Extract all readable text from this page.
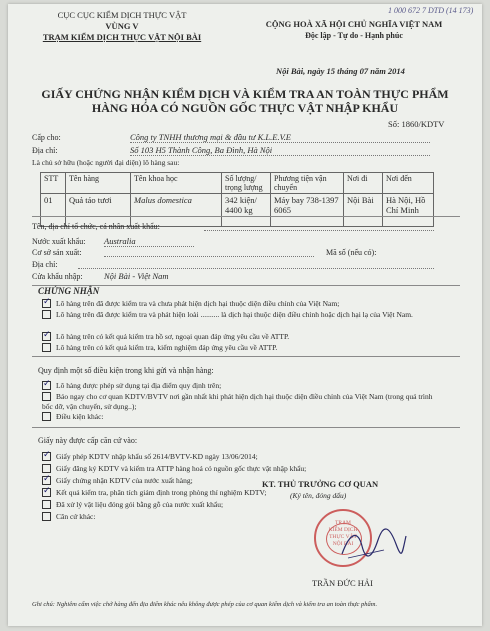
1 000 672 7 DTD (14 173)
CỤC CỤC KIỂM DỊCH THỰC VẬT
VÙNG V
TRẠM KIỂM DỊCH THỰC VẬT NỘI BÀI
CỘNG HOÀ XÃ HỘI CHỦ NGHĨA VIỆT NAM
Độc lập - Tự do - Hạnh phúc
Nội Bài, ngày 15 tháng 07 năm 2014
GIẤY CHỨNG NHẬN KIỂM DỊCH VÀ KIỂM TRA AN TOÀN THỰC PHẨM
HÀNG HÓA CÓ NGUỒN GỐC THỰC VẬT NHẬP KHẨU
Số: 1860/KDTV
Cấp cho:	Công ty TNHH thương mại & đầu tư K.L.E.V.E
Địa chỉ:	Số 103 H5 Thành Công, Ba Đình, Hà Nội
Là chủ sở hữu (hoặc người đại diện) lô hàng sau:
STT	Tên hàng	Tên khoa học	Số lượng/ trọng lượng	Phương tiện vận chuyển	Nơi đi	Nơi đến
01	Quả táo tươi	Malus domestica	342 kiện/ 4400 kg	Máy bay 738-1397 6065	Nội Bài	Hà Nội, Hồ Chí Minh
Tên, địa chỉ tổ chức, cá nhân xuất khẩu:
Nước xuất khẩu: Australia
Cơ sở sản xuất:	Mã số (nếu có):
Địa chỉ:
Cửa khẩu nhập:	Nội Bài - Việt Nam
CHỨNG NHẬN
✓Lô hàng trên đã được kiểm tra và chưa phát hiện dịch hại thuộc diện điều chỉnh của Việt Nam;
Lô hàng trên đã được kiểm tra và phát hiện loài .......... là dịch hại thuộc diện điều chỉnh hoặc dịch hại lạ của Việt Nam.
✓Lô hàng trên có kết quả kiểm tra hồ sơ, ngoại quan đáp ứng yêu cầu về ATTP.
Lô hàng trên có kết quả kiểm tra, kiểm nghiệm đáp ứng yêu cầu về ATTP.
Quy định một số điều kiện trong khi gửi và nhận hàng:
✓Lô hàng được phép sử dụng tại địa điểm quy định trên;
Báo ngay cho cơ quan KDTV/BVTV nơi gần nhất khi phát hiện dịch hại thuộc diện điều chỉnh của Việt Nam (trong quá trình bốc dỡ, vận chuyển, sử dụng..);
Điều kiện khác:
Giấy này được cấp căn cứ vào:
✓Giấy phép KDTV nhập khẩu số 2614/BVTV-KD ngày 13/06/2014;
Giấy đăng ký KDTV và kiểm tra ATTP hàng hoá có nguồn gốc thực vật nhập khẩu;
✓Giấy chứng nhận KDTV của nước xuất hàng;
✓Kết quả kiểm tra, phân tích giám định trong phòng thí nghiệm KDTV;
Đã xử lý vật liệu đóng gói bằng gỗ của nước xuất khẩu;
Căn cứ khác:
KT. THỦ TRƯỞNG CƠ QUAN
(Ký tên, đóng dấu)
TRẠM
KIỂM DỊCH
THỰC VẬT
NỘI BÀI
TRẦN ĐỨC HẢI
Ghi chú: Nghiêm cấm việc chở hàng đến địa điểm khác nêu không được phép của cơ quan kiểm dịch và kiểm tra an toàn thực phẩm.
